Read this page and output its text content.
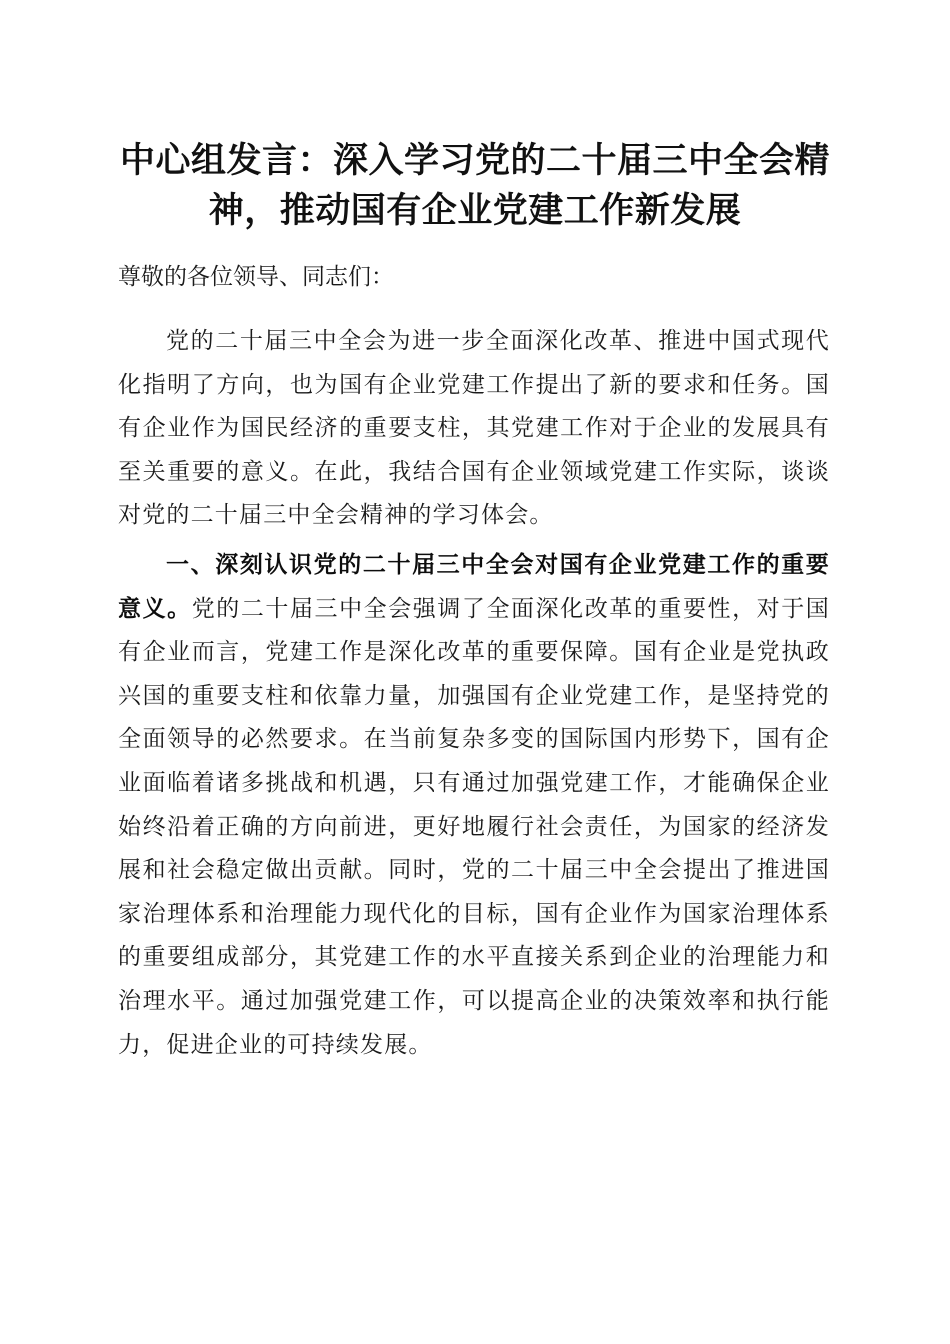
中心组发言：深入学习党的二十届三中全会精神，推动国有企业党建工作新发展

尊敬的各位领导、同志们：

党的二十届三中全会为进一步全面深化改革、推进中国式现代化指明了方向，也为国有企业党建工作提出了新的要求和任务。国有企业作为国民经济的重要支柱，其党建工作对于企业的发展具有至关重要的意义。在此，我结合国有企业领域党建工作实际，谈谈对党的二十届三中全会精神的学习体会。

一、深刻认识党的二十届三中全会对国有企业党建工作的重要意义。党的二十届三中全会强调了全面深化改革的重要性，对于国有企业而言，党建工作是深化改革的重要保障。国有企业是党执政兴国的重要支柱和依靠力量，加强国有企业党建工作，是坚持党的全面领导的必然要求。在当前复杂多变的国际国内形势下，国有企业面临着诸多挑战和机遇，只有通过加强党建工作，才能确保企业始终沿着正确的方向前进，更好地履行社会责任，为国家的经济发展和社会稳定做出贡献。同时，党的二十届三中全会提出了推进国家治理体系和治理能力现代化的目标，国有企业作为国家治理体系的重要组成部分，其党建工作的水平直接关系到企业的治理能力和治理水平。通过加强党建工作，可以提高企业的决策效率和执行能力，促进企业的可持续发展。
